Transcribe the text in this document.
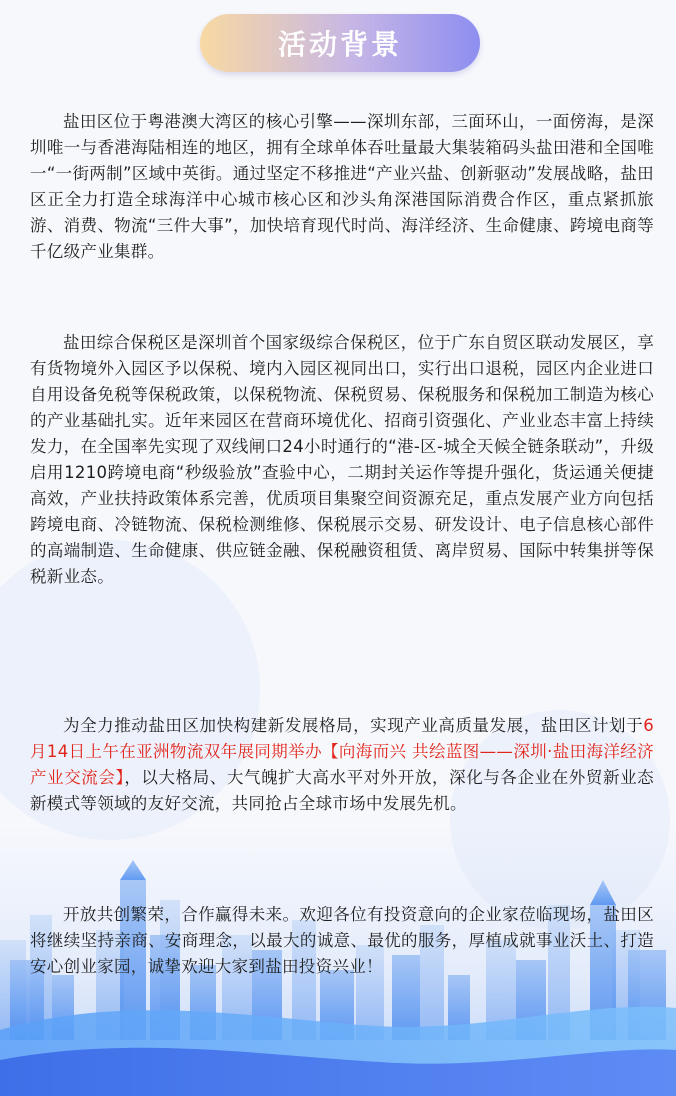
活动背景

盐田区位于粤港澳大湾区的核心引擎——深圳东部，三面环山，一面傍海，是深圳唯一与香港海陆相连的地区，拥有全球单体吞吐量最大集装箱码头盐田港和全国唯一“一街两制”区域中英街。通过坚定不移推进“产业兴盐、创新驱动”发展战略，盐田区正全力打造全球海洋中心城市核心区和沙头角深港国际消费合作区，重点紧抓旅游、消费、物流“三件大事”，加快培育现代时尚、海洋经济、生命健康、跨境电商等千亿级产业集群。

盐田综合保税区是深圳首个国家级综合保税区，位于广东自贸区联动发展区，享有货物境外入园区予以保税、境内入园区视同出口，实行出口退税，园区内企业进口自用设备免税等保税政策，以保税物流、保税贸易、保税服务和保税加工制造为核心的产业基础扎实。近年来园区在营商环境优化、招商引资强化、产业业态丰富上持续发力，在全国率先实现了双线闸口24小时通行的“港-区-城全天候全链条联动”，升级启用1210跨境电商“秒级验放”查验中心，二期封关运作等提升强化，货运通关便捷高效，产业扶持政策体系完善，优质项目集聚空间资源充足，重点发展产业方向包括跨境电商、冷链物流、保税检测维修、保税展示交易、研发设计、电子信息核心部件的高端制造、生命健康、供应链金融、保税融资租赁、离岸贸易、国际中转集拼等保税新业态。

为全力推动盐田区加快构建新发展格局，实现产业高质量发展，盐田区计划于6月14日上午在亚洲物流双年展同期举办【向海而兴 共绘蓝图——深圳·盐田海洋经济产业交流会】，以大格局、大气魄扩大高水平对外开放，深化与各企业在外贸新业态新模式等领域的友好交流，共同抢占全球市场中发展先机。

开放共创繁荣，合作赢得未来。欢迎各位有投资意向的企业家莅临现场，盐田区将继续坚持亲商、安商理念，以最大的诚意、最优的服务，厚植成就事业沃土、打造安心创业家园，诚挚欢迎大家到盐田投资兴业！
